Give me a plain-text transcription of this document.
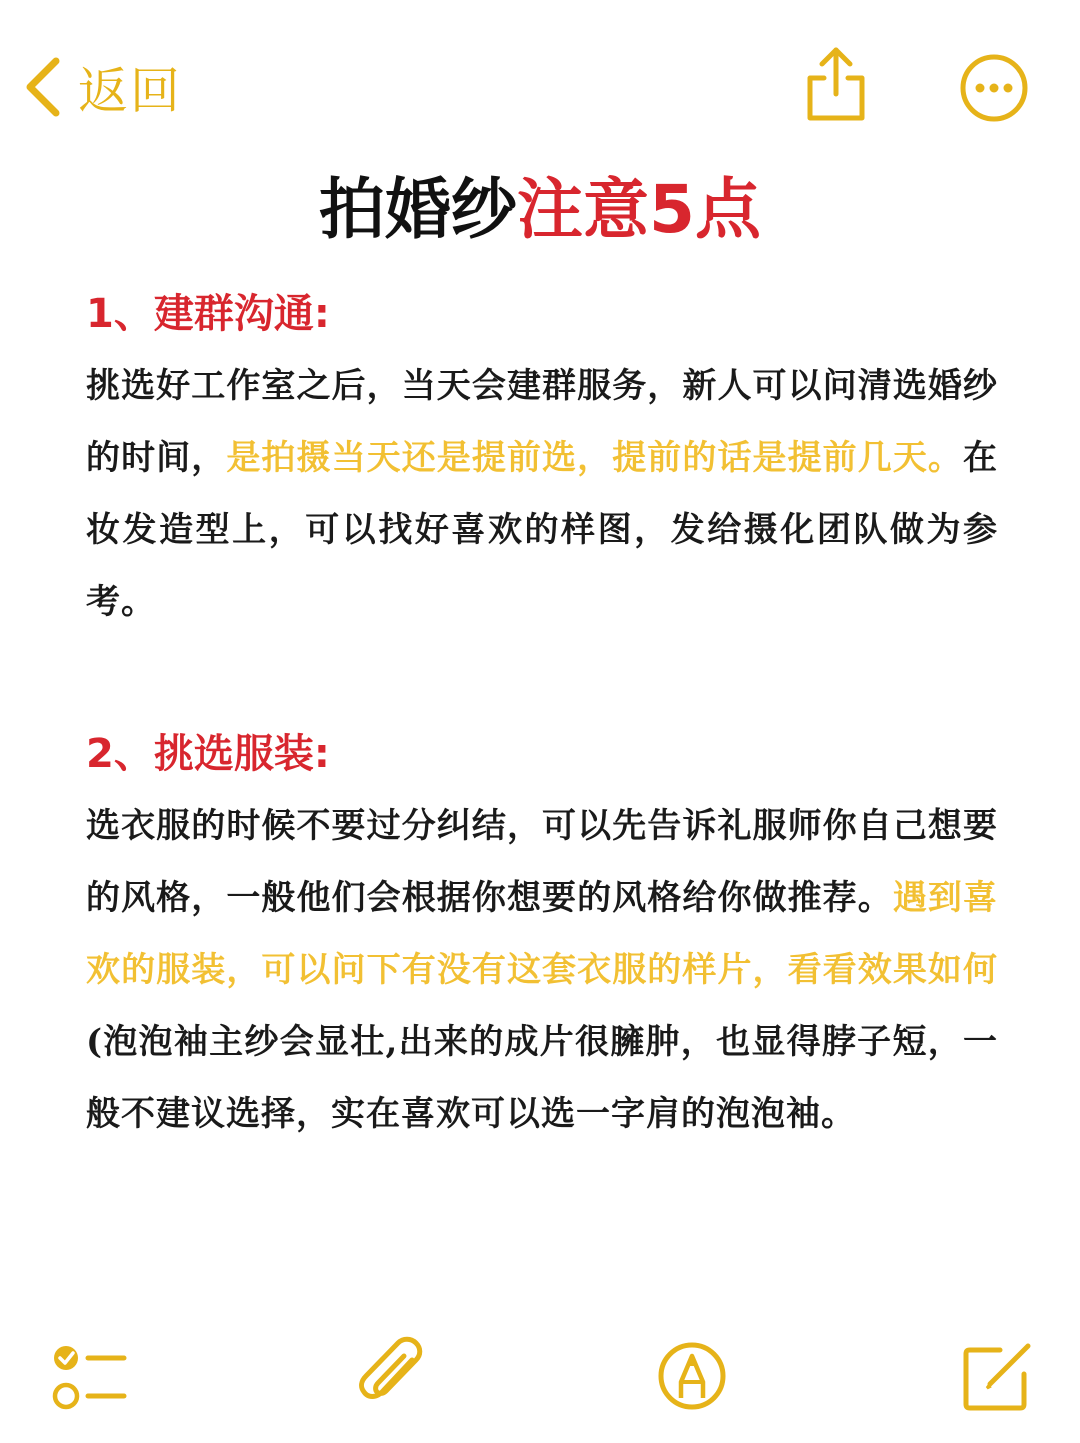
返回
拍婚纱注意5点
1、建群沟通:

挑选好工作室之后，当天会建群服务，新人可以问清选婚纱的时间，是拍摄当天还是提前选，提前的话是提前几天。在妆发造型上，可以找好喜欢的样图，发给摄化团队做为参考。

2、挑选服装:

选衣服的时候不要过分纠结，可以先告诉礼服师你自己想要的风格，一般他们会根据你想要的风格给你做推荐。遇到喜欢的服装，可以问下有没有这套衣服的样片，看看效果如何(泡泡袖主纱会显壮,出来的成片很臃肿，也显得脖子短，一般不建议选择，实在喜欢可以选一字肩的泡泡袖。
